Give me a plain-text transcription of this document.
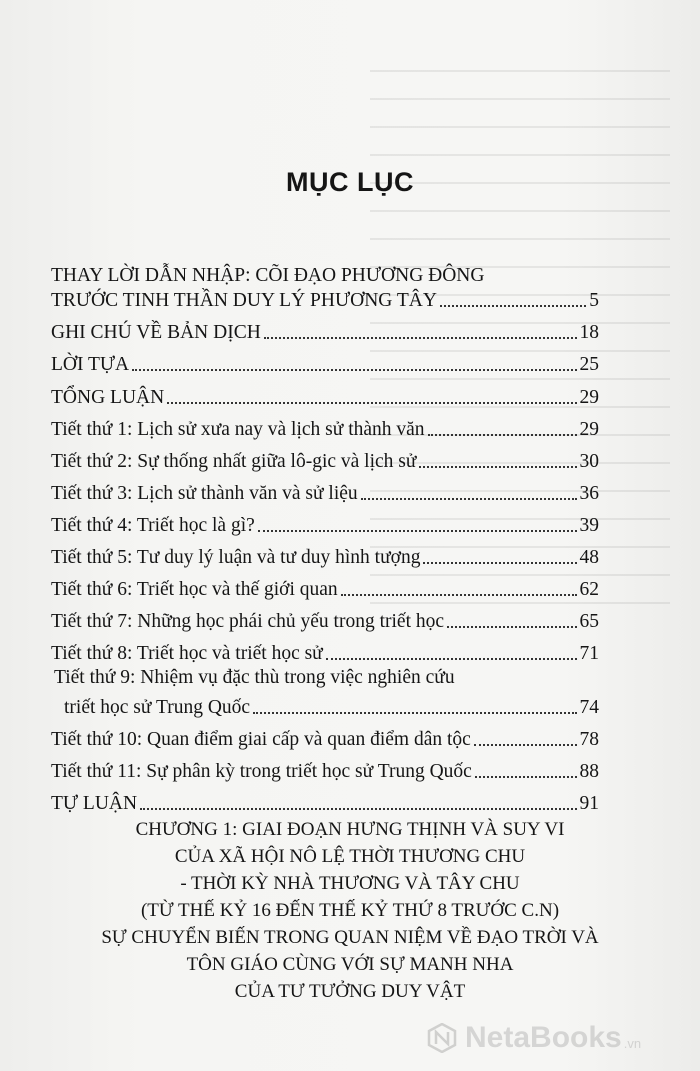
MỤC LỤC
THAY LỜI DẪN NHẬP: CÕI ĐẠO PHƯƠNG ĐÔNG
TRƯỚC TINH THẦN DUY LÝ PHƯƠNG TÂY	5
GHI CHÚ VỀ BẢN DỊCH	18
LỜI TỰA	25
TỔNG LUẬN	29
Tiết thứ 1: Lịch sử xưa nay và lịch sử thành văn	29
Tiết thứ 2: Sự thống nhất giữa lô-gic và lịch sử	30
Tiết thứ 3: Lịch sử thành văn và sử liệu	36
Tiết thứ 4: Triết học là gì?	39
Tiết thứ 5: Tư duy lý luận và tư duy hình tượng	48
Tiết thứ 6: Triết học và thế giới quan	62
Tiết thứ 7: Những học phái chủ yếu trong triết học	65
Tiết thứ 8: Triết học và triết học sử	71
Tiết thứ 9: Nhiệm vụ đặc thù trong việc nghiên cứu
triết học sử Trung Quốc	74
Tiết thứ 10: Quan điểm giai cấp và quan điểm dân tộc	78
Tiết thứ 11: Sự phân kỳ trong triết học sử Trung Quốc	88
TỰ LUẬN	91
CHƯƠNG 1: GIAI ĐOẠN HƯNG THỊNH VÀ SUY VI
CỦA XÃ HỘI NÔ LỆ THỜI THƯƠNG CHU
- THỜI KỲ NHÀ THƯƠNG VÀ TÂY CHU
(TỪ THẾ KỶ 16 ĐẾN THẾ KỶ THỨ 8 TRƯỚC C.N)
SỰ CHUYỂN BIẾN TRONG QUAN NIỆM VỀ ĐẠO TRỜI VÀ
TÔN GIÁO CÙNG VỚI SỰ MANH NHA
CỦA TƯ TƯỞNG DUY VẬT
NetaBooks .vn
